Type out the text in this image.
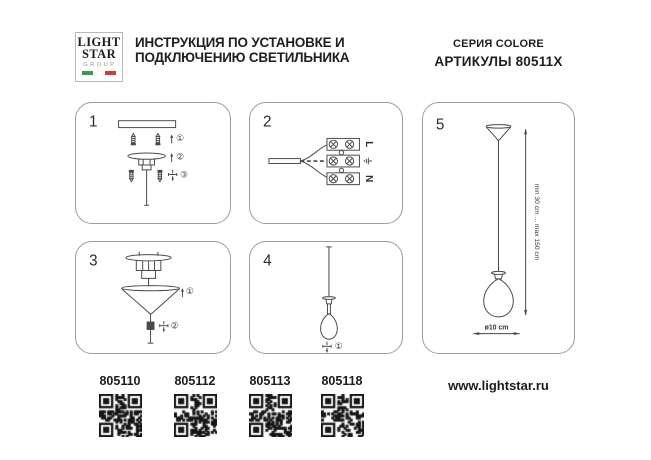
LIGHT
STAR
GROUP
ИНСТРУКЦИЯ ПО УСТАНОВКЕ И
ПОДКЛЮЧЕНИЮ СВЕТИЛЬНИКА
СЕРИЯ COLORE
АРТИКУЛЫ 80511X
1
①
②
③
2
L
N
3
①
②
4
①
5
min 30 cm ... max 150 cm
ø10 cm
805110	805112	805113	805118	www.lightstar.ru
